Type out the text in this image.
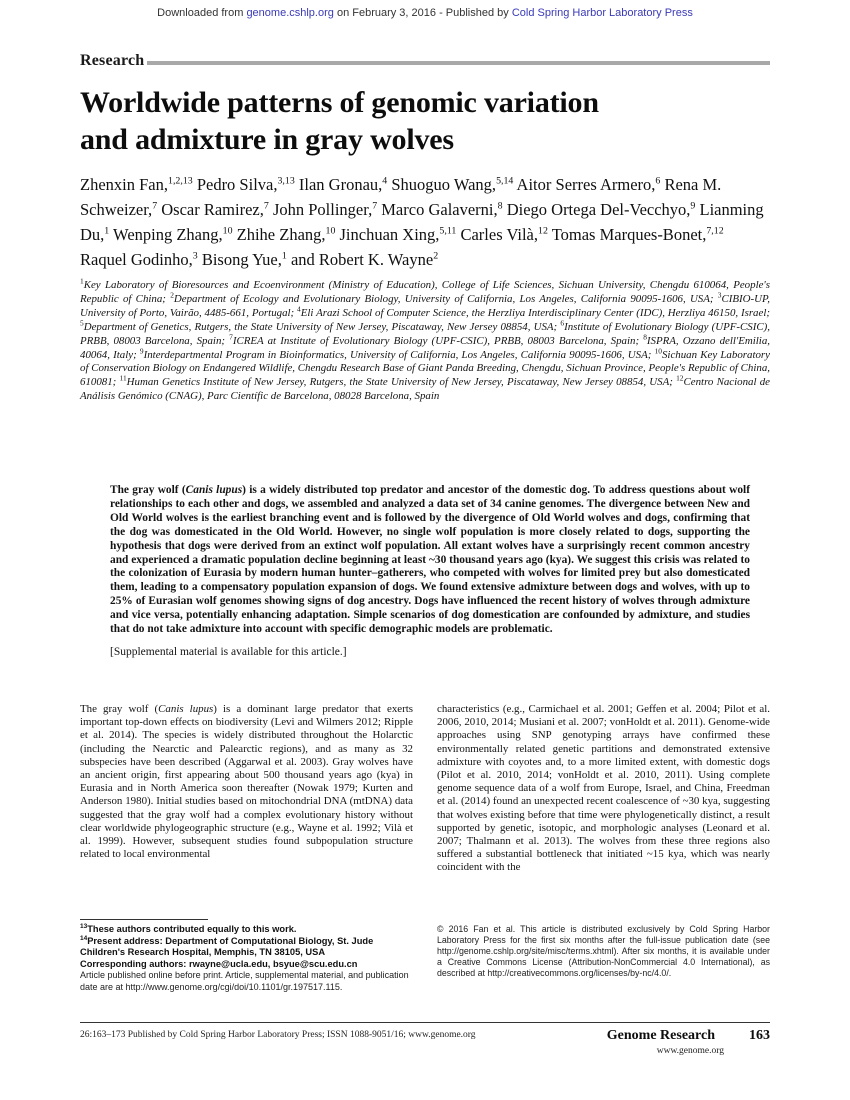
Downloaded from genome.cshlp.org on February 3, 2016 - Published by Cold Spring Harbor Laboratory Press
Research
Worldwide patterns of genomic variation
and admixture in gray wolves
Zhenxin Fan,$^{1,2,13}$ Pedro Silva,$^{3,13}$ Ilan Gronau,$^4$ Shuoguo Wang,$^{5,14}$ Aitor Serres Armero,$^6$ Rena M. Schweizer,$^7$ Oscar Ramirez,$^7$ John Pollinger,$^7$ Marco Galaverni,$^8$ Diego Ortega Del-Vecchyo,$^9$ Lianming Du,$^1$ Wenping Zhang,$^{10}$ Zhihe Zhang,$^{10}$ Jinchuan Xing,$^{5,11}$ Carles Vilà,$^{12}$ Tomas Marques-Bonet,$^{7,12}$ Raquel Godinho,$^3$ Bisong Yue,$^1$ and Robert K. Wayne$^2$
$^1$Key Laboratory of Bioresources and Ecoenvironment (Ministry of Education), College of Life Sciences, Sichuan University, Chengdu 610064, People's Republic of China; $^2$Department of Ecology and Evolutionary Biology, University of California, Los Angeles, California 90095-1606, USA; $^3$CIBIO-UP, University of Porto, Vairão, 4485-661, Portugal; $^4$Eli Arazi School of Computer Science, the Herzliya Interdisciplinary Center (IDC), Herzliya 46150, Israel; $^5$Department of Genetics, Rutgers, the State University of New Jersey, Piscataway, New Jersey 08854, USA; $^6$Institute of Evolutionary Biology (UPF-CSIC), PRBB, 08003 Barcelona, Spain; $^7$ICREA at Institute of Evolutionary Biology (UPF-CSIC), PRBB, 08003 Barcelona, Spain; $^8$ISPRA, Ozzano dell'Emilia, 40064, Italy; $^9$Interdepartmental Program in Bioinformatics, University of California, Los Angeles, California 90095-1606, USA; $^{10}$Sichuan Key Laboratory of Conservation Biology on Endangered Wildlife, Chengdu Research Base of Giant Panda Breeding, Chengdu, Sichuan Province, People's Republic of China, 610081; $^{11}$Human Genetics Institute of New Jersey, Rutgers, the State University of New Jersey, Piscataway, New Jersey 08854, USA; $^{12}$Centro Nacional de Análisis Genómico (CNAG), Parc Científic de Barcelona, 08028 Barcelona, Spain

The gray wolf (Canis lupus) is a widely distributed top predator and ancestor of the domestic dog. To address questions about wolf relationships to each other and dogs, we assembled and analyzed a data set of 34 canine genomes. The divergence between New and Old World wolves is the earliest branching event and is followed by the divergence of Old World wolves and dogs, confirming that the dog was domesticated in the Old World. However, no single wolf population is more closely related to dogs, supporting the hypothesis that dogs were derived from an extinct wolf population. All extant wolves have a surprisingly recent common ancestry and experienced a dramatic population decline beginning at least ~30 thousand years ago (kya). We suggest this crisis was related to the colonization of Eurasia by modern human hunter–gatherers, who competed with wolves for limited prey but also domesticated them, leading to a compensatory population expansion of dogs. We found extensive admixture between dogs and wolves, with up to 25% of Eurasian wolf genomes showing signs of dog ancestry. Dogs have influenced the recent history of wolves through admixture and vice versa, potentially enhancing adaptation. Simple scenarios of dog domestication are confounded by admixture, and studies that do not take admixture into account with specific demographic models are problematic.

[Supplemental material is available for this article.]

The gray wolf (Canis lupus) is a dominant large predator that exerts important top-down effects on biodiversity (Levi and Wilmers 2012; Ripple et al. 2014). The species is widely distributed throughout the Holarctic (including the Nearctic and Palearctic regions), and as many as 32 subspecies have been described (Aggarwal et al. 2003). Gray wolves have an ancient origin, first appearing about 500 thousand years ago (kya) in Eurasia and in North America soon thereafter (Nowak 1979; Kurten and Anderson 1980). Initial studies based on mitochondrial DNA (mtDNA) data suggested that the gray wolf had a complex evolutionary history without clear worldwide phylogeographic structure (e.g., Wayne et al. 1992; Vilà et al. 1999). However, subsequent studies found subpopulation structure related to local environmental

characteristics (e.g., Carmichael et al. 2001; Geffen et al. 2004; Pilot et al. 2006, 2010, 2014; Musiani et al. 2007; vonHoldt et al. 2011). Genome-wide approaches using SNP genotyping arrays have confirmed these environmentally related genetic partitions and demonstrated extensive admixture with coyotes and, to a more limited extent, with domestic dogs (Pilot et al. 2010, 2014; vonHoldt et al. 2010, 2011). Using complete genome sequence data of a wolf from Europe, Israel, and China, Freedman et al. (2014) found an unexpected recent coalescence of ~30 kya, suggesting that wolves existing before that time were phylogenetically distinct, a result supported by genetic, isotopic, and morphologic analyses (Leonard et al. 2007; Thalmann et al. 2013). The wolves from these three regions also suffered a substantial bottleneck that initiated ~15 kya, which was nearly coincident with the

$^{13}$These authors contributed equally to this work.

$^{14}$Present address: Department of Computational Biology, St. Jude Children's Research Hospital, Memphis, TN 38105, USA

Corresponding authors: rwayne@ucla.edu, bsyue@scu.edu.cn

Article published online before print. Article, supplemental material, and publication date are at http://www.genome.org/cgi/doi/10.1101/gr.197517.115.

© 2016 Fan et al. This article is distributed exclusively by Cold Spring Harbor Laboratory Press for the first six months after the full-issue publication date (see http://genome.cshlp.org/site/misc/terms.xhtml). After six months, it is available under a Creative Commons License (Attribution-NonCommercial 4.0 International), as described at http://creativecommons.org/licenses/by-nc/4.0/.
26:163–173 Published by Cold Spring Harbor Laboratory Press; ISSN 1088-9051/16; www.genome.org	Genome Research 163
www.genome.org
